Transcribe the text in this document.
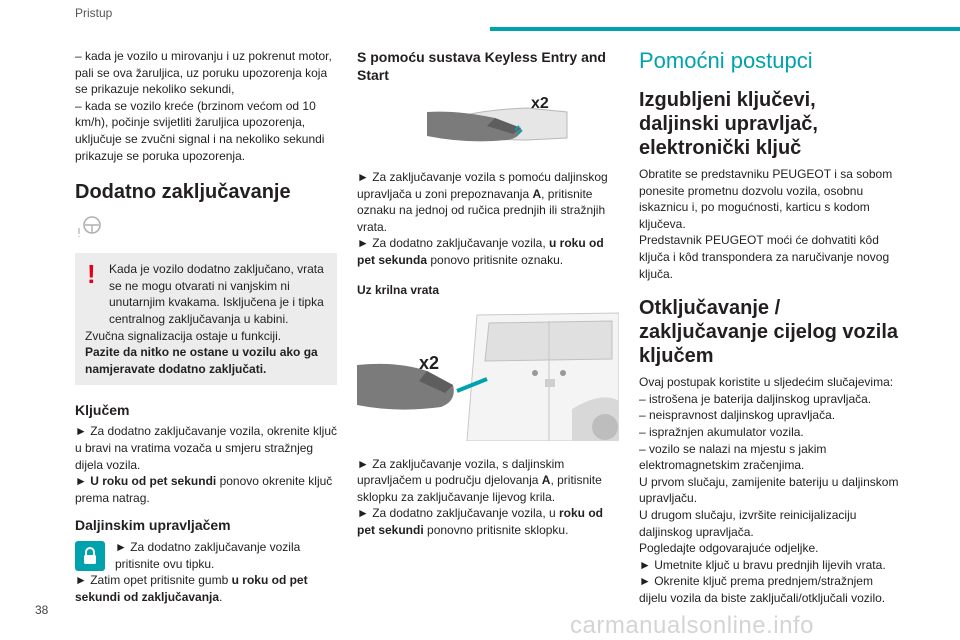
Pristup

– kada je vozilo u mirovanju i uz pokrenut motor, pali se ova žaruljica, uz poruku upozorenja koja se prikazuje nekoliko sekundi,

– kada se vozilo kreće (brzinom većom od 10 km/h), počinje svijetliti žaruljica upozorenja, uključuje se zvučni signal i na nekoliko sekundi prikazuje se poruka upozorenja.

Dodatno zaključavanje
!	Kada je vozilo dodatno zaključano, vrata se ne mogu otvarati ni vanjskim ni unutarnjim kvakama. Isključena je i tipka centralnog zaključavanja u kabini.

Zvučna signalizacija ostaje u funkciji.

Pazite da nitko ne ostane u vozilu ako ga namjeravate dodatno zaključati.

Ključem

► Za dodatno zaključavanje vozila, okrenite ključ u bravi na vratima vozača u smjeru stražnjeg dijela vozila.

► U roku od pet sekundi ponovo okrenite ključ prema natrag.

Daljinskim upravljačem

► Za dodatno zaključavanje vozila pritisnite ovu tipku.

► Zatim opet pritisnite gumb u roku od pet sekundi od zaključavanja.

S pomoću sustava Keyless Entry and Start
x2

► Za zaključavanje vozila s pomoću daljinskog upravljača u zoni prepoznavanja A, pritisnite oznaku na jednoj od ručica prednjih ili stražnjih vrata.

► Za dodatno zaključavanje vozila, u roku od pet sekunda ponovo pritisnite oznaku.

Uz krilna vrata
x2

► Za zaključavanje vozila, s daljinskim upravljačem u području djelovanja A, pritisnite sklopku za zaključavanje lijevog krila.

► Za dodatno zaključavanje vozila, u roku od pet sekundi ponovno pritisnite sklopku.

Pomoćni postupci
Izgubljeni ključevi, daljinski upravljač, elektronički ključ

Obratite se predstavniku PEUGEOT i sa sobom ponesite prometnu dozvolu vozila, osobnu iskaznicu i, po mogućnosti, karticu s kodom ključeva.

Predstavnik PEUGEOT moći će dohvatiti kôd ključa i kôd transpondera za naručivanje novog ključa.

Otključavanje / zaključavanje cijelog vozila ključem

Ovaj postupak koristite u sljedećim slučajevima:

– istrošena je baterija daljinskog upravljača.

– neispravnost daljinskog upravljača.

– ispražnjen akumulator vozila.

– vozilo se nalazi na mjestu s jakim elektromagnetskim zračenjima.

U prvom slučaju, zamijenite bateriju u daljinskom upravljaču.

U drugom slučaju, izvršite reinicijalizaciju daljinskog upravljača.

Pogledajte odgovarajuće odjeljke.

► Umetnite ključ u bravu prednjih lijevih vrata.

► Okrenite ključ prema prednjem/stražnjem dijelu vozila da biste zaključali/otključali vozilo.

38
carmanualsonline.info
